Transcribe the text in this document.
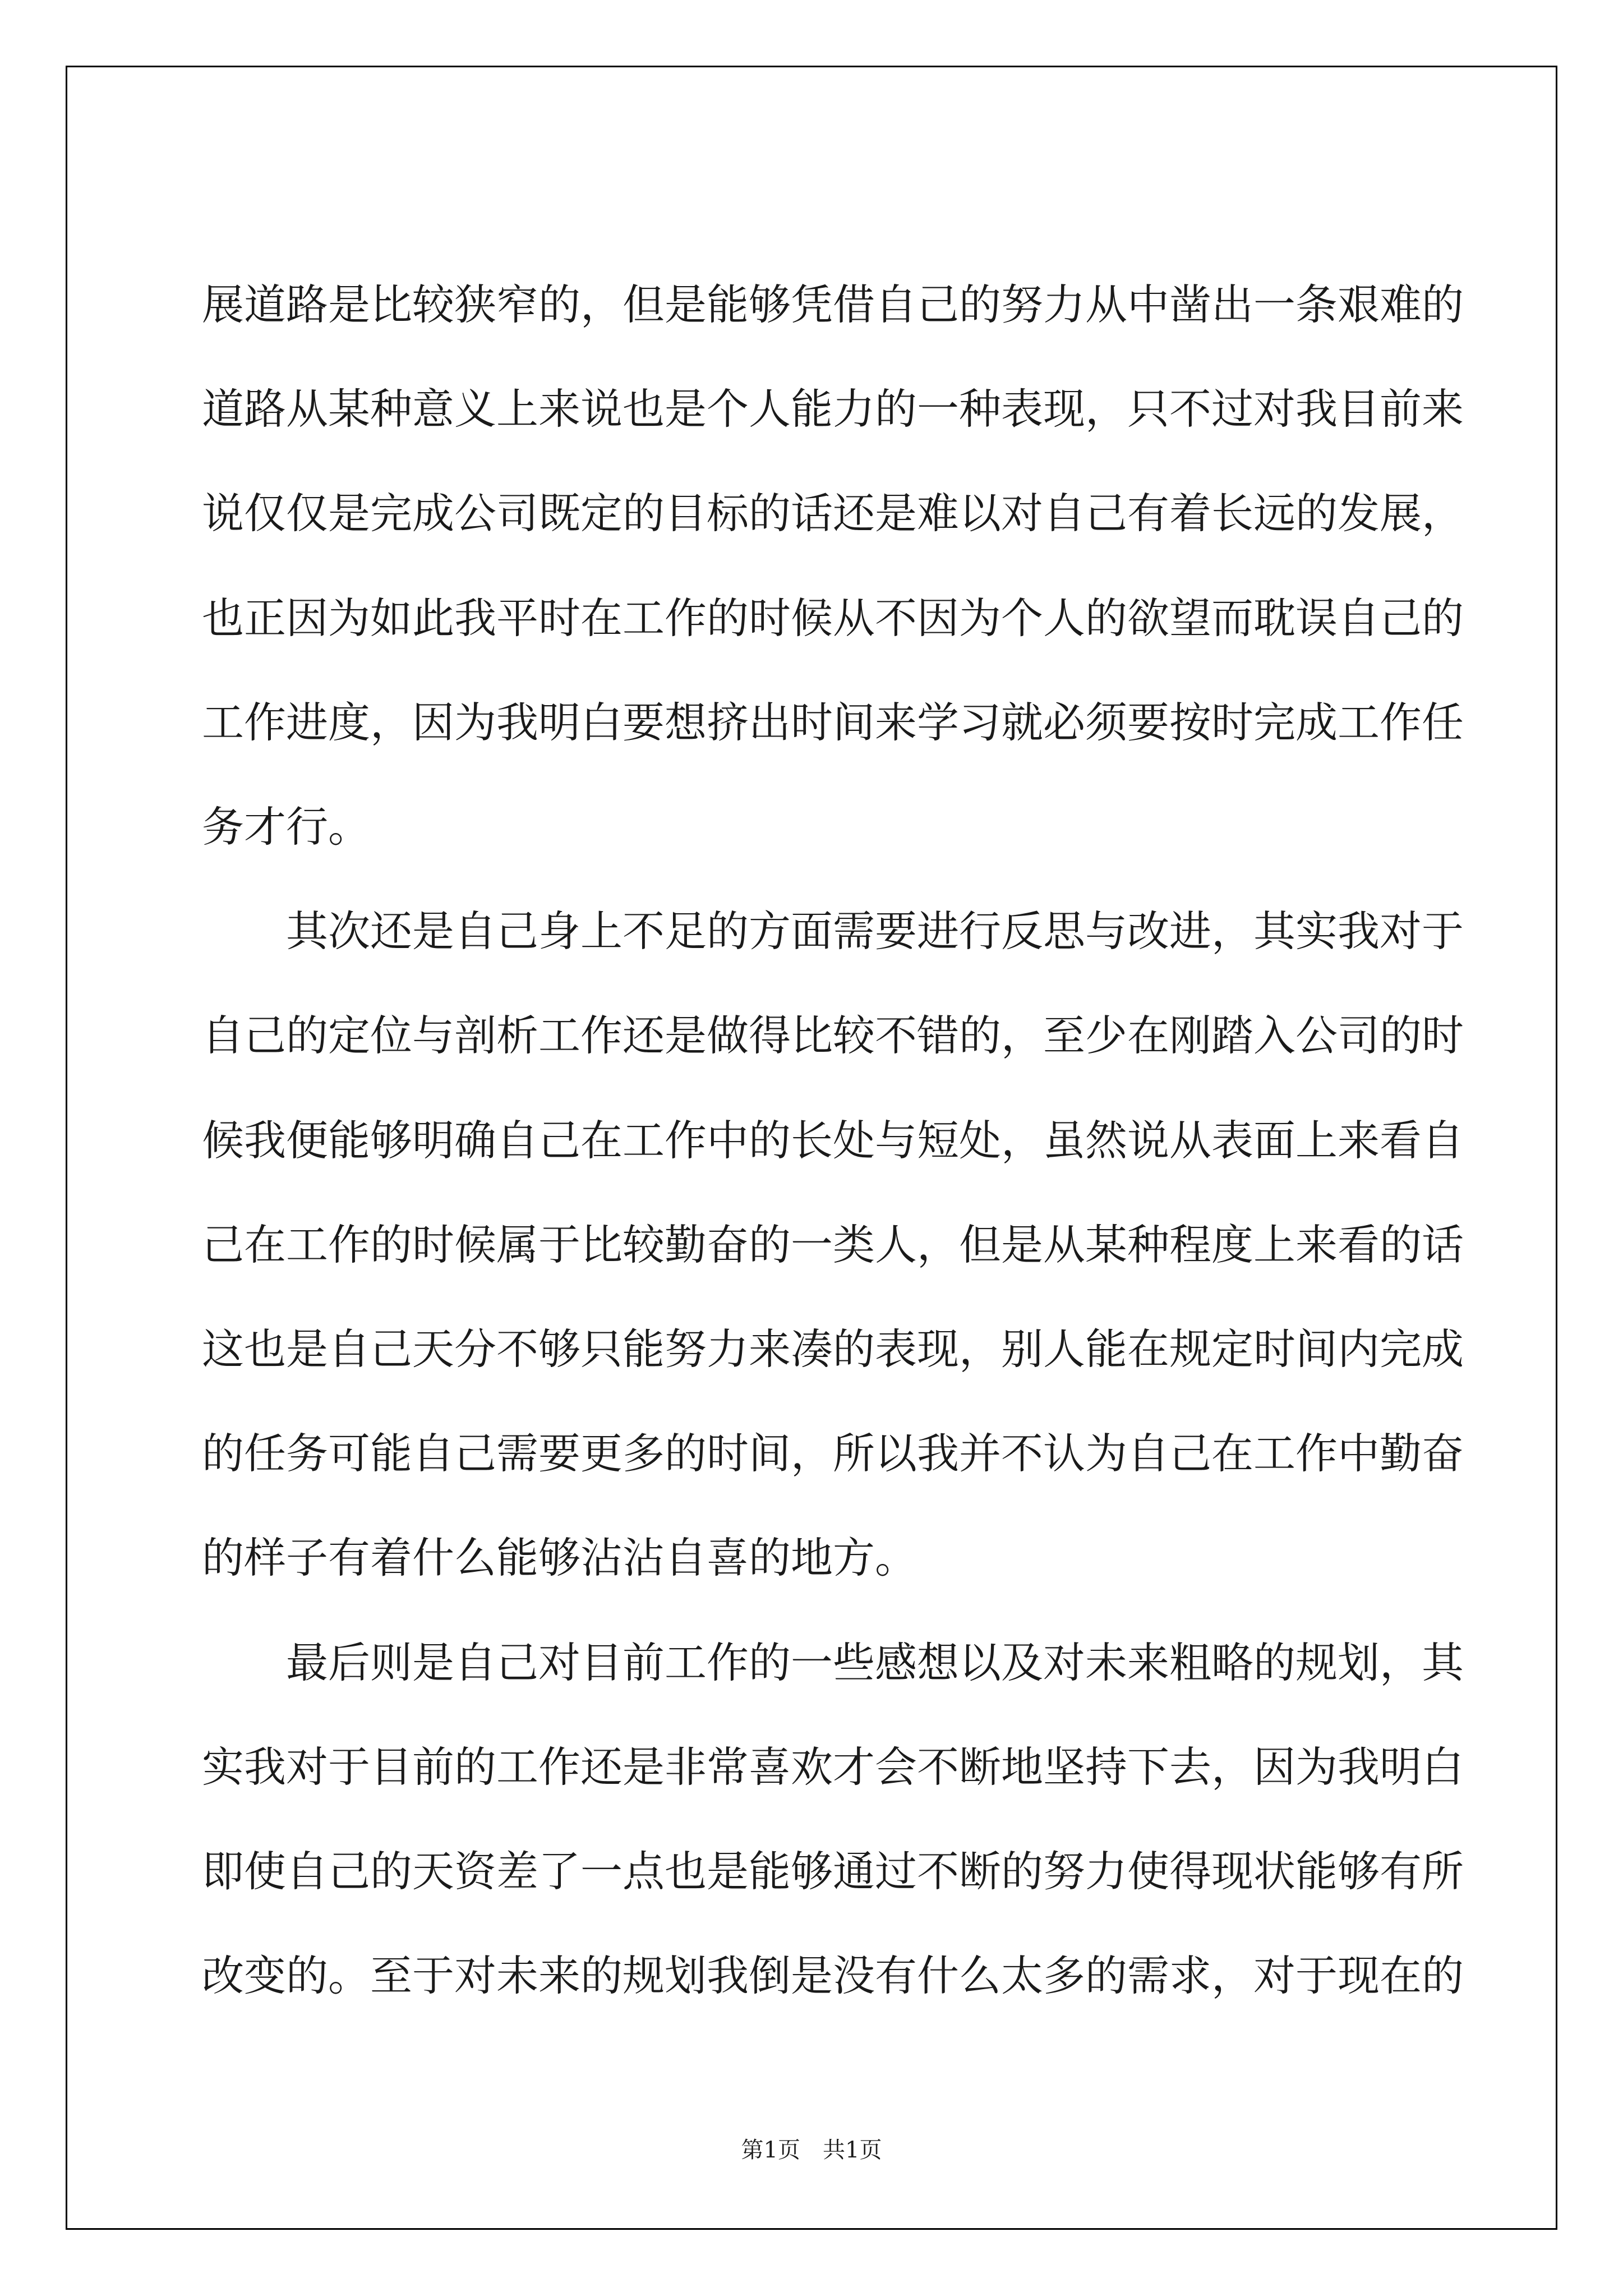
展道路是比较狭窄的，但是能够凭借自己的努力从中凿出一条艰难的道路从某种意义上来说也是个人能力的一种表现，只不过对我目前来说仅仅是完成公司既定的目标的话还是难以对自己有着长远的发展，也正因为如此我平时在工作的时候从不因为个人的欲望而耽误自己的工作进度，因为我明白要想挤出时间来学习就必须要按时完成工作任务才行。

其次还是自己身上不足的方面需要进行反思与改进，其实我对于自己的定位与剖析工作还是做得比较不错的，至少在刚踏入公司的时候我便能够明确自己在工作中的长处与短处，虽然说从表面上来看自己在工作的时候属于比较勤奋的一类人，但是从某种程度上来看的话这也是自己天分不够只能努力来凑的表现，别人能在规定时间内完成的任务可能自己需要更多的时间，所以我并不认为自己在工作中勤奋的样子有着什么能够沾沾自喜的地方。

最后则是自己对目前工作的一些感想以及对未来粗略的规划，其实我对于目前的工作还是非常喜欢才会不断地坚持下去，因为我明白即使自己的天资差了一点也是能够通过不断的努力使得现状能够有所改变的。至于对未来的规划我倒是没有什么太多的需求，对于现在的

第1页　共1页
